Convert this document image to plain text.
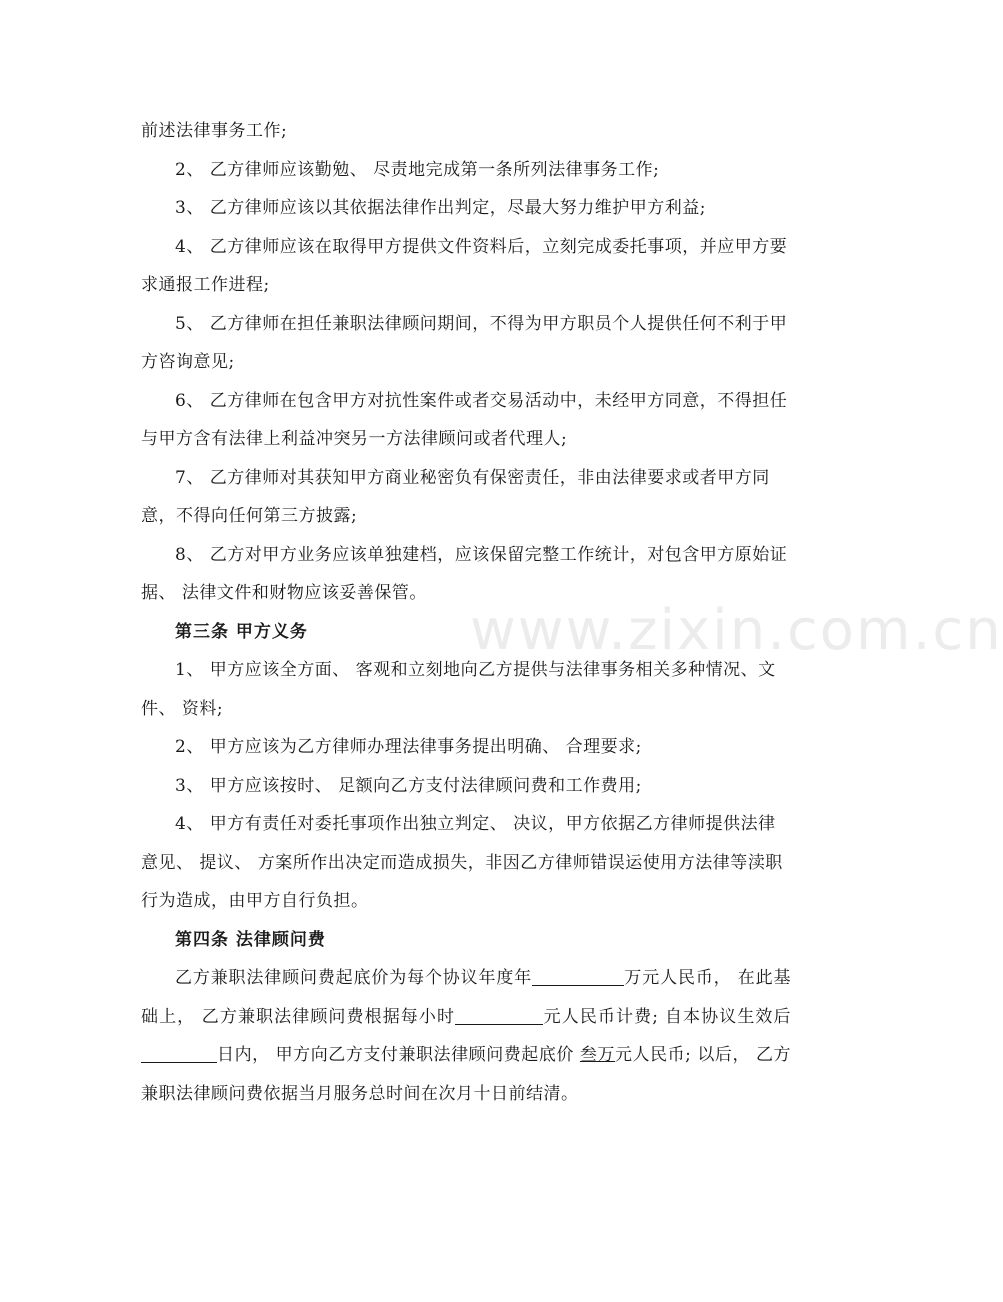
www.zixin.com.cn

前述法律事务工作;

2、 乙方律师应该勤勉、 尽责地完成第一条所列法律事务工作;

3、 乙方律师应该以其依据法律作出判定，尽最大努力维护甲方利益;

4、 乙方律师应该在取得甲方提供文件资料后，立刻完成委托事项，并应甲方要求通报工作进程;

5、 乙方律师在担任兼职法律顾问期间，不得为甲方职员个人提供任何不利于甲方咨询意见;

6、 乙方律师在包含甲方对抗性案件或者交易活动中，未经甲方同意，不得担任与甲方含有法律上利益冲突另一方法律顾问或者代理人;

7、 乙方律师对其获知甲方商业秘密负有保密责任，非由法律要求或者甲方同意，不得向任何第三方披露;

8、 乙方对甲方业务应该单独建档，应该保留完整工作统计，对包含甲方原始证据、 法律文件和财物应该妥善保管。

第三条 甲方义务

1、 甲方应该全方面、 客观和立刻地向乙方提供与法律事务相关多种情况、文件、 资料;

2、 甲方应该为乙方律师办理法律事务提出明确、 合理要求;

3、 甲方应该按时、 足额向乙方支付法律顾问费和工作费用;

4、 甲方有责任对委托事项作出独立判定、 决议，甲方依据乙方律师提供法律意见、 提议、 方案所作出决定而造成损失，非因乙方律师错误运使用方法律等渎职行为造成，由甲方自行负担。

第四条 法律顾问费

乙方兼职法律顾问费起底价为每个协议年度年	万元人民币， 在此基础上， 乙方兼职法律顾问费根据每小时	元人民币计费; 自本协议生效后日内， 甲方向乙方支付兼职法律顾问费起底价 叁万元人民币; 以后， 乙方兼职法律顾问费依据当月服务总时间在次月十日前结清。
